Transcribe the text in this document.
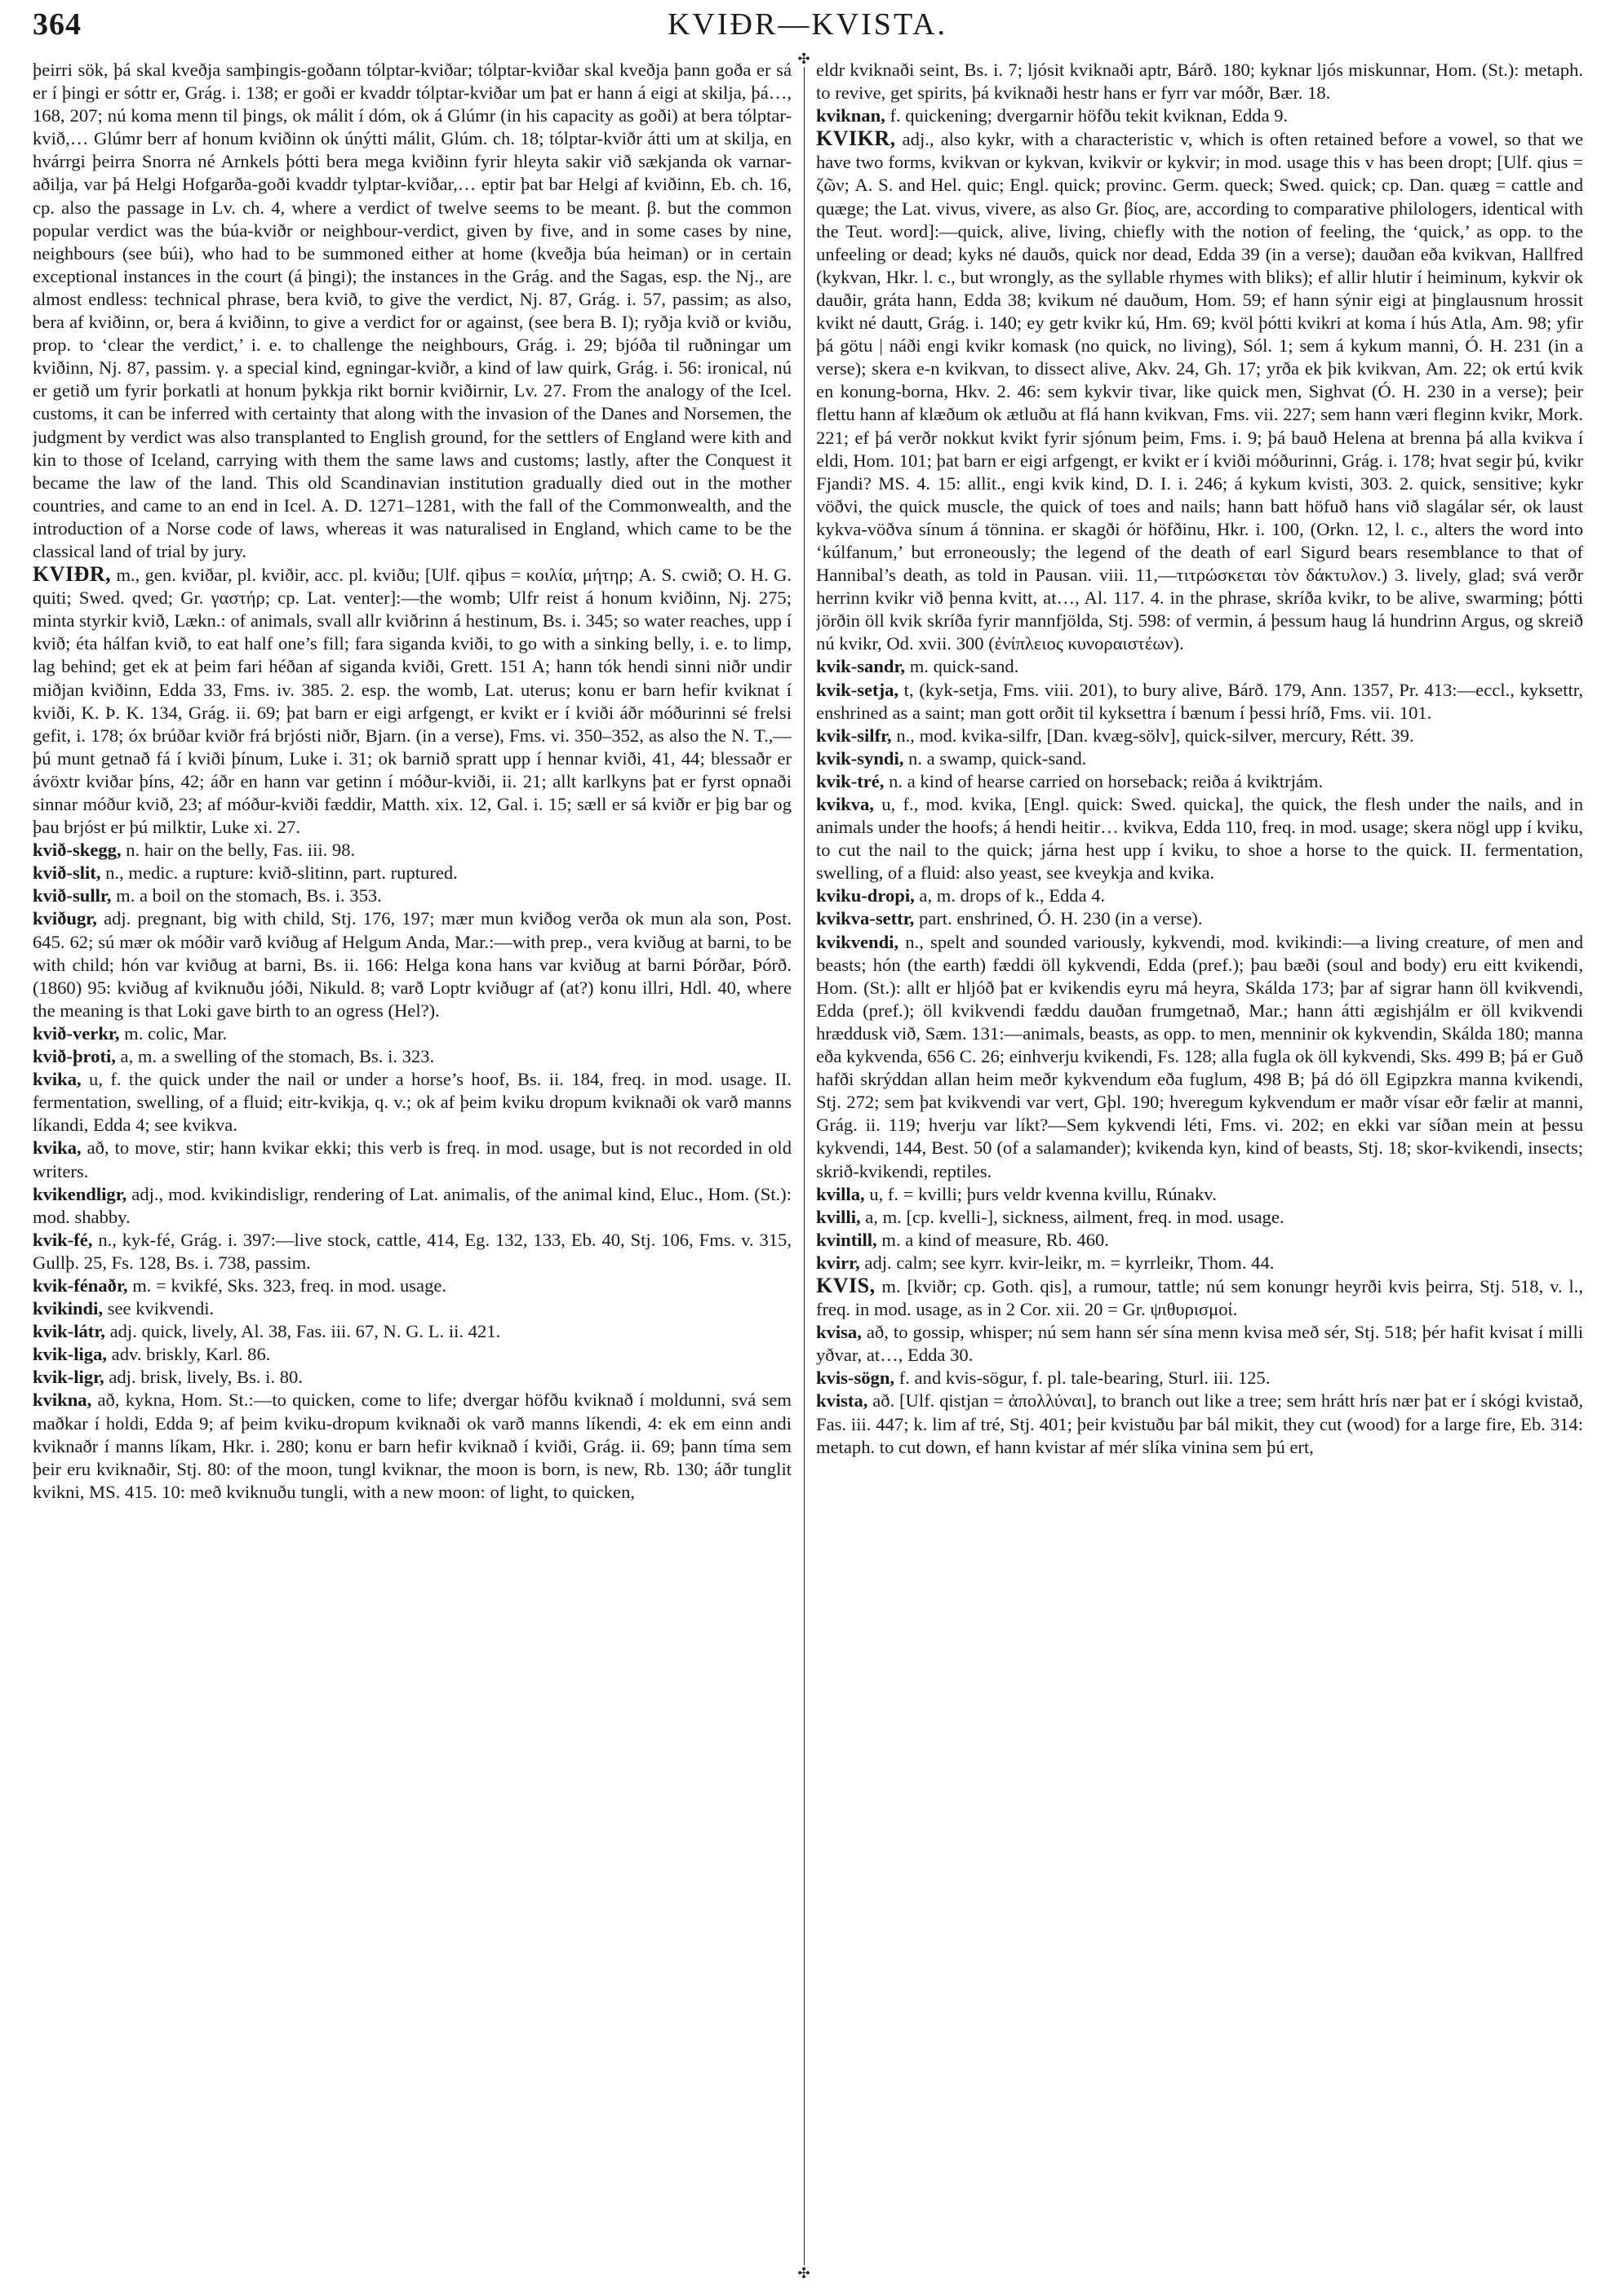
364	KVIÐR—KVISTA.
✣
✣

þeirri sök, þá skal kveðja samþingis-goðann tólptar-kviðar; tólptar-kviðar skal kveðja þann goða er sá er í þingi er sóttr er, Grág. i. 138; er goði er kvaddr tólptar-kviðar um þat er hann á eigi at skilja, þá…, 168, 207; nú koma menn til þings, ok málit í dóm, ok á Glúmr (in his capacity as goði) at bera tólptar-kvið,… Glúmr berr af honum kviðinn ok únýtti málit, Glúm. ch. 18; tólptar-kviðr átti um at skilja, en hvárrgi þeirra Snorra né Arnkels þótti bera mega kviðinn fyrir hleyta sakir við sækjanda ok varnar-aðilja, var þá Helgi Hofgarða-goði kvaddr tylptar-kviðar,… eptir þat bar Helgi af kviðinn, Eb. ch. 16, cp. also the passage in Lv. ch. 4, where a verdict of twelve seems to be meant. β. but the common popular verdict was the búa-kviðr or neighbour-verdict, given by five, and in some cases by nine, neighbours (see búi), who had to be summoned either at home (kveðja búa heiman) or in certain exceptional instances in the court (á þingi); the instances in the Grág. and the Sagas, esp. the Nj., are almost endless: technical phrase, bera kvið, to give the verdict, Nj. 87, Grág. i. 57, passim; as also, bera af kviðinn, or, bera á kviðinn, to give a verdict for or against, (see bera B. I); ryðja kvið or kviðu, prop. to ‘clear the verdict,’ i. e. to challenge the neighbours, Grág. i. 29; bjóða til ruðningar um kviðinn, Nj. 87, passim. γ. a special kind, egningar-kviðr, a kind of law quirk, Grág. i. 56: ironical, nú er getið um fyrir þorkatli at honum þykkja rikt bornir kviðirnir, Lv. 27. From the analogy of the Icel. customs, it can be inferred with certainty that along with the invasion of the Danes and Norsemen, the judgment by verdict was also transplanted to English ground, for the settlers of England were kith and kin to those of Iceland, carrying with them the same laws and customs; lastly, after the Conquest it became the law of the land. This old Scandinavian institution gradually died out in the mother countries, and came to an end in Icel. A. D. 1271–1281, with the fall of the Commonwealth, and the introduction of a Norse code of laws, whereas it was naturalised in England, which came to be the classical land of trial by jury.

KVIÐR, m., gen. kviðar, pl. kviðir, acc. pl. kviðu; [Ulf. qiþus = κοιλία, μήτηρ; A. S. cwið; O. H. G. quiti; Swed. qved; Gr. γαστήρ; cp. Lat. venter]:—the womb; Ulfr reist á honum kviðinn, Nj. 275; minta styrkir kvið, Lækn.: of animals, svall allr kviðrinn á hestinum, Bs. i. 345; so water reaches, upp í kvið; éta hálfan kvið, to eat half one’s fill; fara siganda kviði, to go with a sinking belly, i. e. to limp, lag behind; get ek at þeim fari héðan af siganda kviði, Grett. 151 A; hann tók hendi sinni niðr undir miðjan kviðinn, Edda 33, Fms. iv. 385. 2. esp. the womb, Lat. uterus; konu er barn hefir kviknat í kviði, K. Þ. K. 134, Grág. ii. 69; þat barn er eigi arfgengt, er kvikt er í kviði áðr móðurinni sé frelsi gefit, i. 178; óx brúðar kviðr frá brjósti niðr, Bjarn. (in a verse), Fms. vi. 350–352, as also the N. T.,—þú munt getnað fá í kviði þínum, Luke i. 31; ok barnið spratt upp í hennar kviði, 41, 44; blessaðr er ávöxtr kviðar þíns, 42; áðr en hann var getinn í móður-kviði, ii. 21; allt karlkyns þat er fyrst opnaði sinnar móður kvið, 23; af móður-kviði fæddir, Matth. xix. 12, Gal. i. 15; sæll er sá kviðr er þig bar og þau brjóst er þú milktir, Luke xi. 27.

kvið-skegg, n. hair on the belly, Fas. iii. 98.

kvið-slit, n., medic. a rupture: kvið-slitinn, part. ruptured.

kvið-sullr, m. a boil on the stomach, Bs. i. 353.

kviðugr, adj. pregnant, big with child, Stj. 176, 197; mær mun kviðog verða ok mun ala son, Post. 645. 62; sú mær ok móðir varð kviðug af Helgum Anda, Mar.:—with prep., vera kviðug at barni, to be with child; hón var kviðug at barni, Bs. ii. 166: Helga kona hans var kviðug at barni Þórðar, Þórð. (1860) 95: kviðug af kviknuðu jóði, Nikuld. 8; varð Loptr kviðugr af (at?) konu illri, Hdl. 40, where the meaning is that Loki gave birth to an ogress (Hel?).

kvið-verkr, m. colic, Mar.

kvið-þroti, a, m. a swelling of the stomach, Bs. i. 323.

kvika, u, f. the quick under the nail or under a horse’s hoof, Bs. ii. 184, freq. in mod. usage. II. fermentation, swelling, of a fluid; eitr-kvikja, q. v.; ok af þeim kviku dropum kviknaði ok varð manns líkandi, Edda 4; see kvikva.

kvika, að, to move, stir; hann kvikar ekki; this verb is freq. in mod. usage, but is not recorded in old writers.

kvikendligr, adj., mod. kvikindisligr, rendering of Lat. animalis, of the animal kind, Eluc., Hom. (St.): mod. shabby.

kvik-fé, n., kyk-fé, Grág. i. 397:—live stock, cattle, 414, Eg. 132, 133, Eb. 40, Stj. 106, Fms. v. 315, Gullþ. 25, Fs. 128, Bs. i. 738, passim.

kvik-fénaðr, m. = kvikfé, Sks. 323, freq. in mod. usage.

kvikindi, see kvikvendi.

kvik-látr, adj. quick, lively, Al. 38, Fas. iii. 67, N. G. L. ii. 421.

kvik-liga, adv. briskly, Karl. 86.

kvik-ligr, adj. brisk, lively, Bs. i. 80.

kvikna, að, kykna, Hom. St.:—to quicken, come to life; dvergar höfðu kviknað í moldunni, svá sem maðkar í holdi, Edda 9; af þeim kviku-dropum kviknaði ok varð manns líkendi, 4: ek em einn andi kviknaðr í manns líkam, Hkr. i. 280; konu er barn hefir kviknað í kviði, Grág. ii. 69; þann tíma sem þeir eru kviknaðir, Stj. 80: of the moon, tungl kviknar, the moon is born, is new, Rb. 130; áðr tunglit kvikni, MS. 415. 10: með kviknuðu tungli, with a new moon: of light, to quicken,

eldr kviknaði seint, Bs. i. 7; ljósit kviknaði aptr, Bárð. 180; kyknar ljós miskunnar, Hom. (St.): metaph. to revive, get spirits, þá kviknaði hestr hans er fyrr var móðr, Bær. 18.

kviknan, f. quickening; dvergarnir höfðu tekit kviknan, Edda 9.

KVIKR, adj., also kykr, with a characteristic v, which is often retained before a vowel, so that we have two forms, kvikvan or kykvan, kvikvir or kykvir; in mod. usage this v has been dropt; [Ulf. qius = ζῶν; A. S. and Hel. quic; Engl. quick; provinc. Germ. queck; Swed. quick; cp. Dan. quæg = cattle and quæge; the Lat. vivus, vivere, as also Gr. βίος, are, according to comparative philologers, identical with the Teut. word]:—quick, alive, living, chiefly with the notion of feeling, the ‘quick,’ as opp. to the unfeeling or dead; kyks né dauðs, quick nor dead, Edda 39 (in a verse); dauðan eða kvikvan, Hallfred (kykvan, Hkr. l. c., but wrongly, as the syllable rhymes with bliks); ef allir hlutir í heiminum, kykvir ok dauðir, gráta hann, Edda 38; kvikum né dauðum, Hom. 59; ef hann sýnir eigi at þinglausnum hrossit kvikt né dautt, Grág. i. 140; ey getr kvikr kú, Hm. 69; kvöl þótti kvikri at koma í hús Atla, Am. 98; yfir þá götu | náði engi kvikr komask (no quick, no living), Sól. 1; sem á kykum manni, Ó. H. 231 (in a verse); skera e-n kvikvan, to dissect alive, Akv. 24, Gh. 17; yrða ek þik kvikvan, Am. 22; ok ertú kvik en konung-borna, Hkv. 2. 46: sem kykvir tivar, like quick men, Sighvat (Ó. H. 230 in a verse); þeir flettu hann af klæðum ok ætluðu at flá hann kvikvan, Fms. vii. 227; sem hann væri fleginn kvikr, Mork. 221; ef þá verðr nokkut kvikt fyrir sjónum þeim, Fms. i. 9; þá bauð Helena at brenna þá alla kvikva í eldi, Hom. 101; þat barn er eigi arfgengt, er kvikt er í kviði móðurinni, Grág. i. 178; hvat segir þú, kvikr Fjandi? MS. 4. 15: allit., engi kvik kind, D. I. i. 246; á kykum kvisti, 303. 2. quick, sensitive; kykr vöðvi, the quick muscle, the quick of toes and nails; hann batt höfuð hans við slagálar sér, ok laust kykva-vöðva sínum á tönnina. er skagði ór höfðinu, Hkr. i. 100, (Orkn. 12, l. c., alters the word into ‘kúlfanum,’ but erroneously; the legend of the death of earl Sigurd bears resemblance to that of Hannibal’s death, as told in Pausan. viii. 11,—τιτρώσκεται τὸν δάκτυλον.) 3. lively, glad; svá verðr herrinn kvikr við þenna kvitt, at…, Al. 117. 4. in the phrase, skríða kvikr, to be alive, swarming; þótti jörðin öll kvik skríða fyrir mannfjölda, Stj. 598: of vermin, á þessum haug lá hundrinn Argus, og skreið nú kvikr, Od. xvii. 300 (ἐνίπλειος κυνοραιστέων).

kvik-sandr, m. quick-sand.

kvik-setja, t, (kyk-setja, Fms. viii. 201), to bury alive, Bárð. 179, Ann. 1357, Pr. 413:—eccl., kyksettr, enshrined as a saint; man gott orðit til kyksettra í bænum í þessi hríð, Fms. vii. 101.

kvik-silfr, n., mod. kvika-silfr, [Dan. kvæg-sölv], quick-silver, mercury, Rétt. 39.

kvik-syndi, n. a swamp, quick-sand.

kvik-tré, n. a kind of hearse carried on horseback; reiða á kviktrjám.

kvikva, u, f., mod. kvika, [Engl. quick: Swed. quicka], the quick, the flesh under the nails, and in animals under the hoofs; á hendi heitir… kvikva, Edda 110, freq. in mod. usage; skera nögl upp í kviku, to cut the nail to the quick; járna hest upp í kviku, to shoe a horse to the quick. II. fermentation, swelling, of a fluid: also yeast, see kveykja and kvika.

kviku-dropi, a, m. drops of k., Edda 4.

kvikva-settr, part. enshrined, Ó. H. 230 (in a verse).

kvikvendi, n., spelt and sounded variously, kykvendi, mod. kvikindi:—a living creature, of men and beasts; hón (the earth) fæddi öll kykvendi, Edda (pref.); þau bæði (soul and body) eru eitt kvikendi, Hom. (St.): allt er hljóð þat er kvikendis eyru má heyra, Skálda 173; þar af sigrar hann öll kvikvendi, Edda (pref.); öll kvikvendi fæddu dauðan frumgetnað, Mar.; hann átti ægishjálm er öll kvikvendi hræddusk við, Sæm. 131:—animals, beasts, as opp. to men, menninir ok kykvendin, Skálda 180; manna eða kykvenda, 656 C. 26; einhverju kvikendi, Fs. 128; alla fugla ok öll kykvendi, Sks. 499 B; þá er Guð hafði skrýddan allan heim meðr kykvendum eða fuglum, 498 B; þá dó öll Egipzkra manna kvikendi, Stj. 272; sem þat kvikvendi var vert, Gþl. 190; hveregum kykvendum er maðr vísar eðr fælir at manni, Grág. ii. 119; hverju var líkt?—Sem kykvendi léti, Fms. vi. 202; en ekki var síðan mein at þessu kykvendi, 144, Best. 50 (of a salamander); kvikenda kyn, kind of beasts, Stj. 18; skor-kvikendi, insects; skrið-kvikendi, reptiles.

kvilla, u, f. = kvilli; þurs veldr kvenna kvillu, Rúnakv.

kvilli, a, m. [cp. kvelli-], sickness, ailment, freq. in mod. usage.

kvintill, m. a kind of measure, Rb. 460.

kvirr, adj. calm; see kyrr. kvir-leikr, m. = kyrrleikr, Thom. 44.

KVIS, m. [kviðr; cp. Goth. qis], a rumour, tattle; nú sem konungr heyrði kvis þeirra, Stj. 518, v. l., freq. in mod. usage, as in 2 Cor. xii. 20 = Gr. ψιθυρισμοί.

kvisa, að, to gossip, whisper; nú sem hann sér sína menn kvisa með sér, Stj. 518; þér hafit kvisat í milli yðvar, at…, Edda 30.

kvis-sögn, f. and kvis-sögur, f. pl. tale-bearing, Sturl. iii. 125.

kvista, að. [Ulf. qistjan = ἀπολλύναι], to branch out like a tree; sem hrátt hrís nær þat er í skógi kvistað, Fas. iii. 447; k. lim af tré, Stj. 401; þeir kvistuðu þar bál mikit, they cut (wood) for a large fire, Eb. 314: metaph. to cut down, ef hann kvistar af mér slíka vinina sem þú ert,
